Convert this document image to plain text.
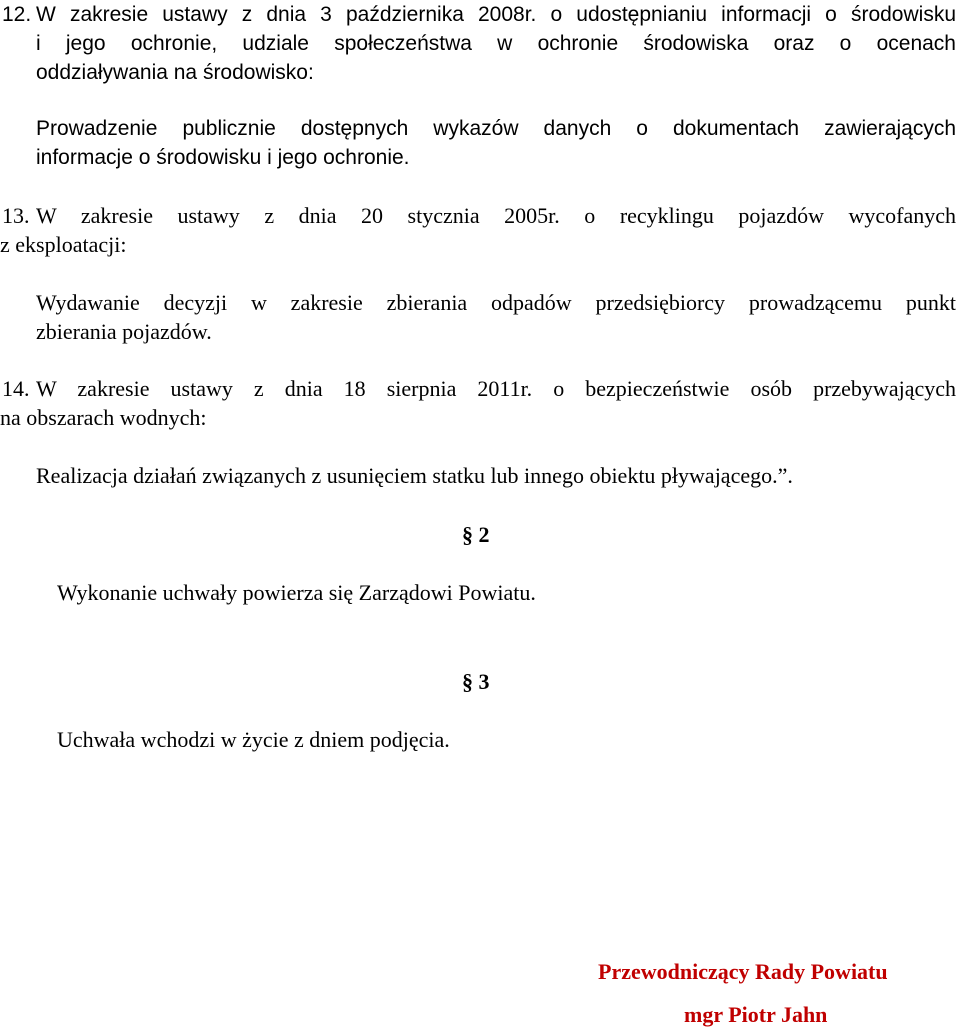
12. W zakresie ustawy z dnia 3 października 2008r. o udostępnianiu informacji o środowisku
i jego ochronie, udziale społeczeństwa w ochronie środowiska oraz o ocenach
oddziaływania na środowisko:

Prowadzenie publicznie dostępnych wykazów danych o dokumentach zawierających
informacje o środowisku i jego ochronie.

13. W zakresie ustawy z dnia 20 stycznia 2005r. o recyklingu pojazdów wycofanych
z eksploatacji:

Wydawanie decyzji w zakresie zbierania odpadów przedsiębiorcy prowadzącemu punkt
zbierania pojazdów.

14. W zakresie ustawy z dnia 18 sierpnia 2011r. o bezpieczeństwie osób przebywających
na obszarach wodnych:

Realizacja działań związanych z usunięciem statku lub innego obiektu pływającego.”.

§ 2
Wykonanie uchwały powierza się Zarządowi Powiatu.
§ 3
Uchwała wchodzi w życie z dniem podjęcia.
Przewodniczący Rady Powiatu
mgr Piotr Jahn
